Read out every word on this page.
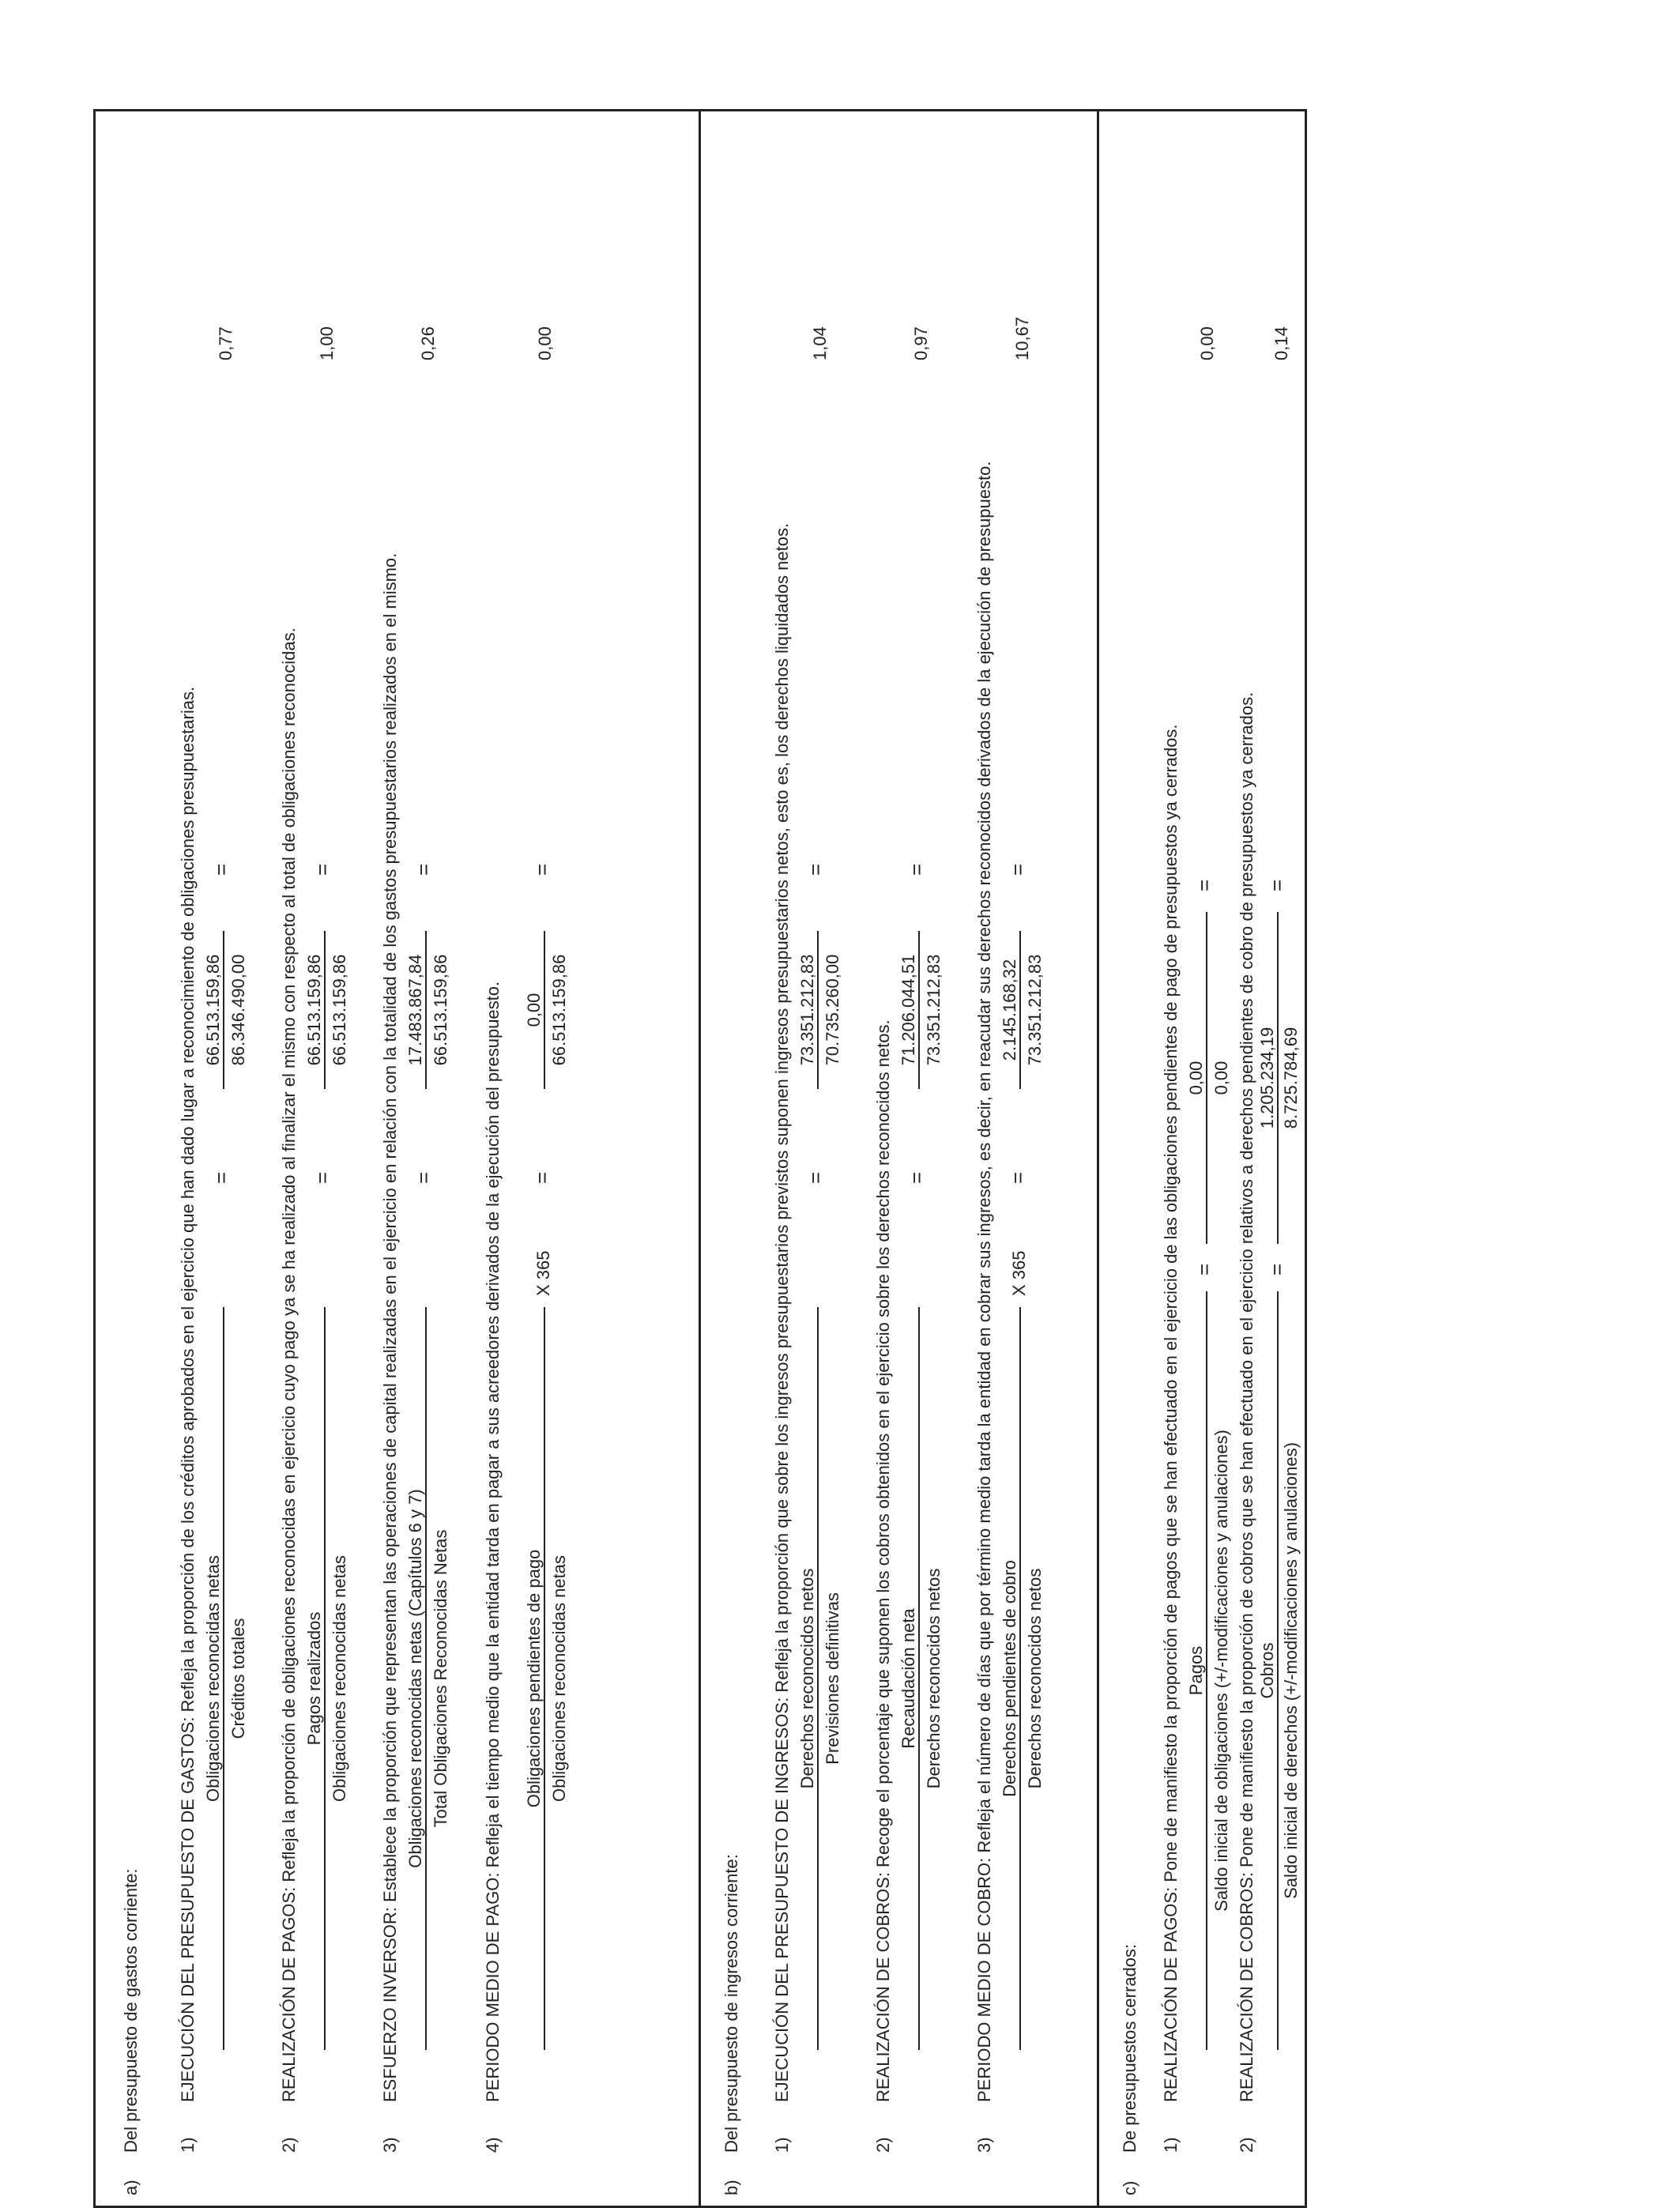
a)
Del presupuesto de gastos corriente: 1)
EJECUCIÓN DEL PRESUPUESTO DE GASTOS: Refleja la proporción de los créditos aprobados en el ejercicio que han dado lugar a reconocimiento de obligaciones presupuestarias. Obligaciones reconocidas netas Créditos totales
=
66.513.159,86 86.346.490,00
=
0,77
2)
REALIZACIÓN DE PAGOS: Refleja la proporción de obligaciones reconocidas en ejercicio cuyo pago ya se ha realizado al finalizar el mismo con respecto al total de obligaciones reconocidas. Pagos realizados Obligaciones reconocidas netas
=
66.513.159,86 66.513.159,86
=
1,00
3)
ESFUERZO INVERSOR: Establece la proporción que representan las operaciones de capital realizadas en el ejercicio en relación con la totalidad de los gastos presupuestarios realizados en el mismo. Obligaciones reconocidas netas (Capítulos 6 y 7) Total Obligaciones Reconocidas Netas
=
17.483.867,84 66.513.159,86
=
0,26
4)
PERIODO MEDIO DE PAGO: Refleja el tiempo medio que la entidad tarda en pagar a sus acreedores derivados de la ejecución del presupuesto. Obligaciones pendientes de pago Obligaciones reconocidas netas
X 365
=
0,00 66.513.159,86
=
0,00
b)
Del presupuesto de ingresos corriente: 1)
EJECUCIÓN DEL PRESUPUESTO DE INGRESOS: Refleja la proporción que sobre los ingresos presupuestarios previstos suponen ingresos presupuestarios netos, esto es, los derechos liquidados netos. Derechos reconocidos netos Previsiones definitivas
=
73.351.212,83 70.735.260,00
=
1,04
2)
REALIZACIÓN DE COBROS: Recoge el porcentaje que suponen los cobros obtenidos en el ejercicio sobre los derechos reconocidos netos. Recaudación neta Derechos reconocidos netos
=
71.206.044,51 73.351.212,83
=
0,97
3)
PERIODO MEDIO DE COBRO: Refleja el número de días que por término medio tarda la entidad en cobrar sus ingresos, es decir, en reacudar sus derechos reconocidos derivados de la ejecución de presupuesto. Derechos pendientes de cobro Derechos reconocidos netos
X 365
=
2.145.168,32 73.351.212,83
=
10,67
c)
De presupuestos cerrados: 1)
REALIZACIÓN DE PAGOS: Pone de manifiesto la proporción de pagos que se han efectuado en el ejercicio de las obligaciones pendientes de pago de presupuestos ya cerrados. Pagos Saldo inicial de obligaciones (+/-modificaciones y anulaciones)
=
0,00 0,00
=
0,00
2)
REALIZACIÓN DE COBROS: Pone de manifiesto la proporción de cobros que se han efectuado en el ejercicio relativos a derechos pendientes de cobro de presupuestos ya cerrados. Cobros Saldo inicial de derechos (+/-modificaciones y anulaciones)
=
1.205.234,19 8.725.784,69
=
0,14
